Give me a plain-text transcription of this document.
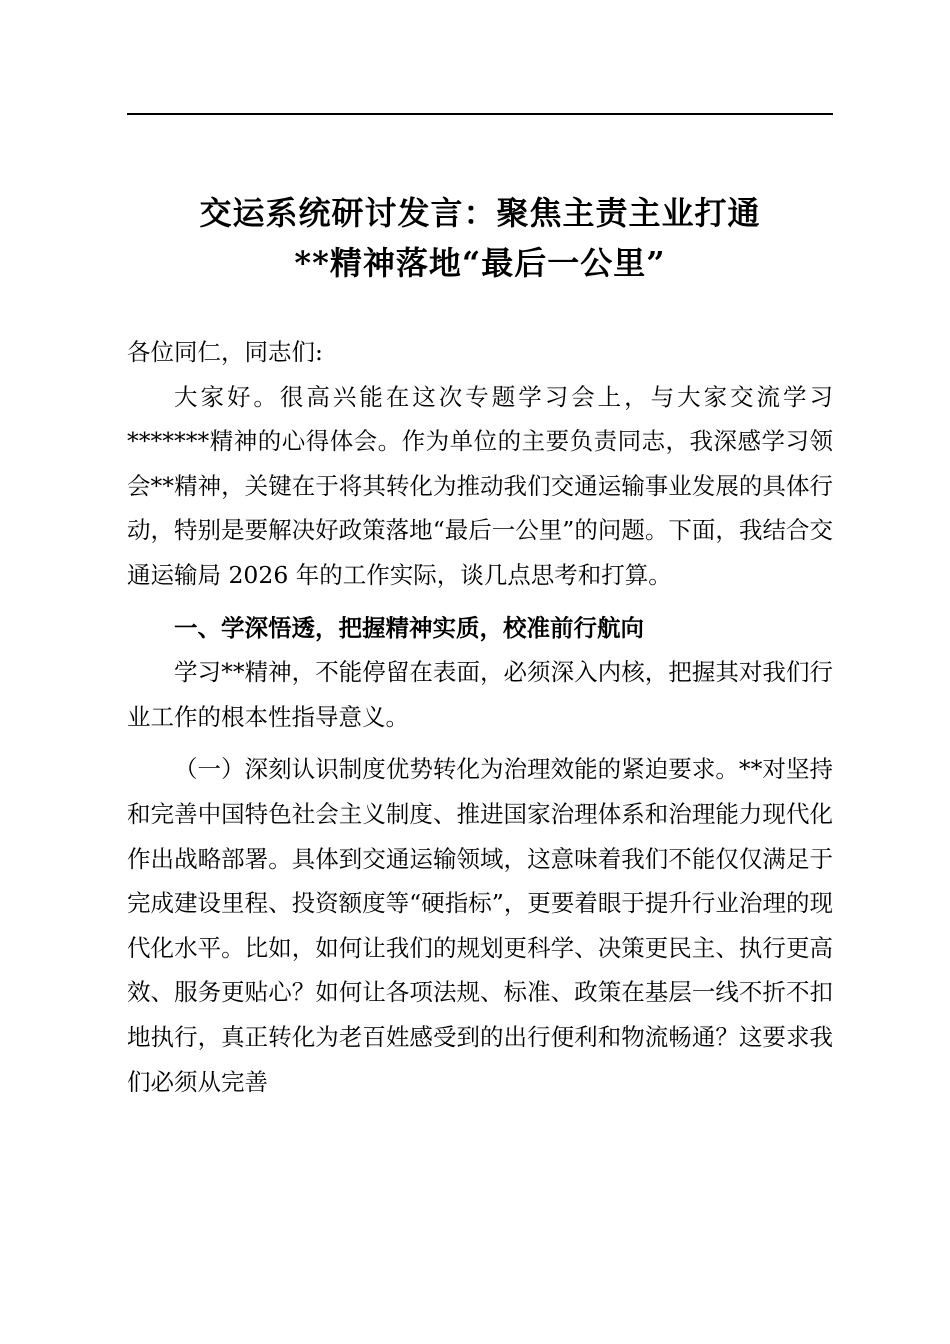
交运系统研讨发言：聚焦主责主业打通
**精神落地“最后一公里”

各位同仁，同志们:

大家好。很高兴能在这次专题学习会上，与大家交流学习*******精神的心得体会。作为单位的主要负责同志，我深感学习领会**精神，关键在于将其转化为推动我们交通运输事业发展的具体行动，特别是要解决好政策落地“最后一公里”的问题。下面，我结合交通运输局 2026 年的工作实际，谈几点思考和打算。

一、学深悟透，把握精神实质，校准前行航向

学习**精神，不能停留在表面，必须深入内核，把握其对我们行业工作的根本性指导意义。

（一）深刻认识制度优势转化为治理效能的紧迫要求。**对坚持和完善中国特色社会主义制度、推进国家治理体系和治理能力现代化作出战略部署。具体到交通运输领域，这意味着我们不能仅仅满足于完成建设里程、投资额度等“硬指标”，更要着眼于提升行业治理的现代化水平。比如，如何让我们的规划更科学、决策更民主、执行更高效、服务更贴心？如何让各项法规、标准、政策在基层一线不折不扣地执行，真正转化为老百姓感受到的出行便利和物流畅通？这要求我们必须从完善
